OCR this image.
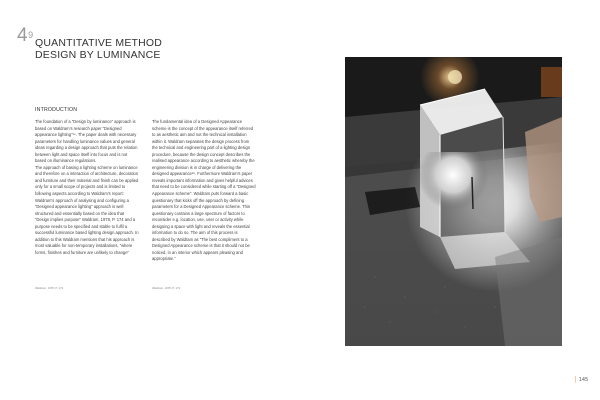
$4^9$
QUANTITATIVE METHOD
DESIGN BY LUMINANCE
INTRODUCTION

The foundation of a “Design by luminance” approach is based on Waldram’s research paper “Designed appearance lighting”¹⁴. The paper deals with necessary parameters for handling luminance values and general ideas regarding a design approach that puts the relation between light and space itself into focus and is not based on illuminance regulations.

The approach of basing a lighting scheme on luminance and therefore on a interaction of architecture, decoration and furniture and their material and finish can be applied only for a small scope of projects and is limited to following aspects according to Waldram’s report:

Waldram’s approach of analysing and configuring a “Designed appearance lighting” approach is well structured and essentially based on the idea that “Design implies purpose” Waldram, 1978, P. 174 and a purpose needs to be specified and stable to fulfil a successful luminance based lighting design approach. In addition to this Waldram mentions that his approach is most valuable for non-temporary installations, “where forms, finishes and furniture are unlikely to change”

Waldram, 1978, P. 174

The fundamental idea of a Designed Appearance scheme is the concept of the appearance itself referred to as aesthetic aim and not the technical installation within it. Waldram separates the design process from the technical and engineering part of a lighting design procedure, because the design concept describes the realised appearance according to aesthetic whereby the engineering division is in charge of delivering the designed appearance¹⁵. Furthermore Waldram’s paper reveals important information and gives helpful advices that need to be considered while starting off a “Designed Appearance scheme”. Waldram puts forward a basic questionary that kicks off the approach by defining parameters for a Designed Appearance scheme. This questionary contains a large spectrum of factors to reconsider e.g. location, use, user or activity while designing a space with light and reveals the essential information to do so. The aim of this process is described by Waldram as “The best compliment to a Designed Appearance scheme is that it should not be noticed, in an interior which appears pleasing and appropriate.”

Waldram, 1978, P. 174
│145
